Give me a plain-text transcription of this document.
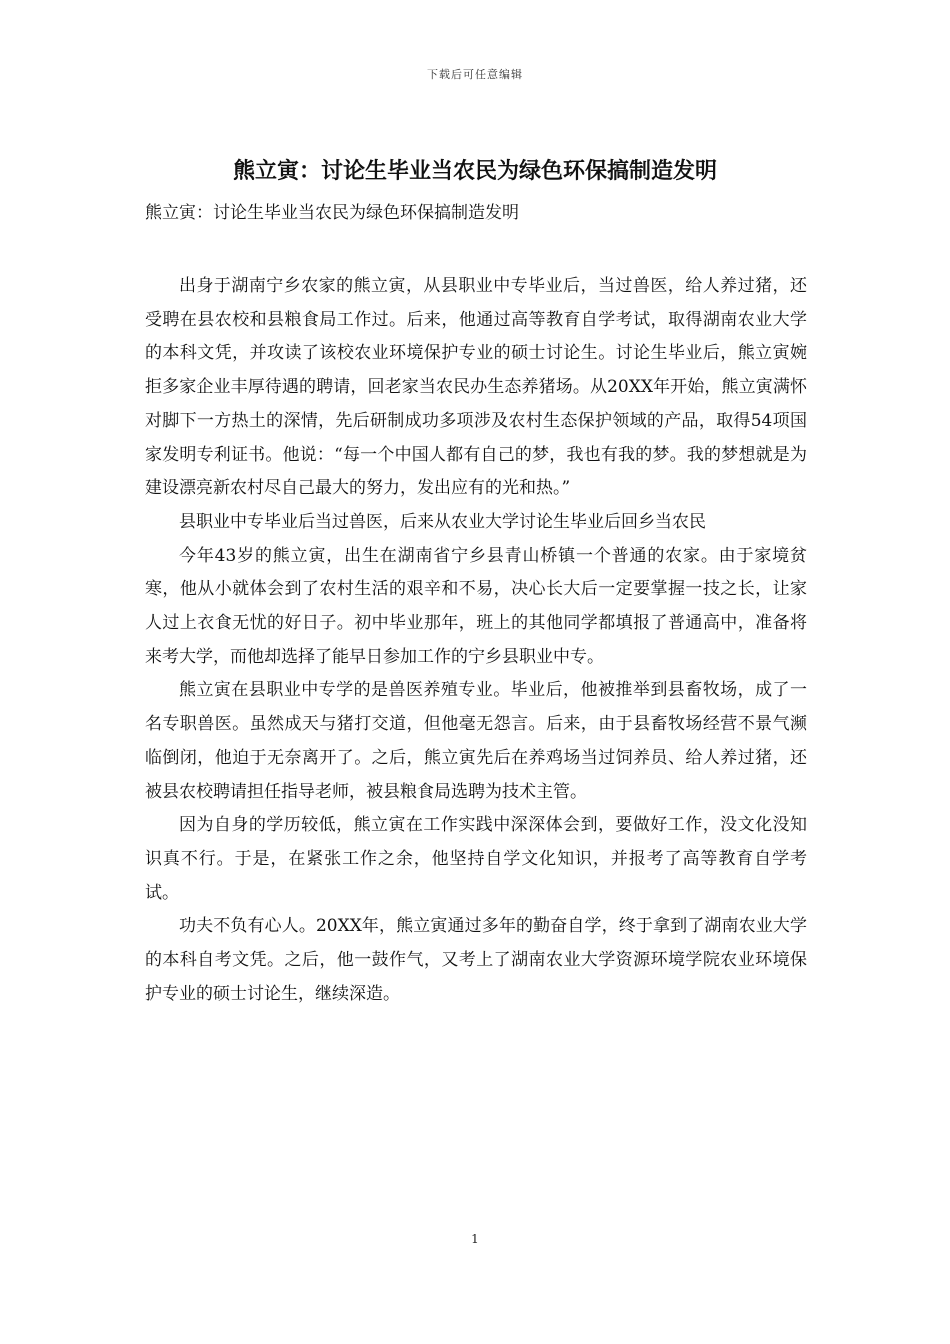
下载后可任意编辑
熊立寅：讨论生毕业当农民为绿色环保搞制造发明

熊立寅：讨论生毕业当农民为绿色环保搞制造发明

出身于湖南宁乡农家的熊立寅，从县职业中专毕业后，当过兽医，给人养过猪，还受聘在县农校和县粮食局工作过。后来，他通过高等教育自学考试，取得湖南农业大学的本科文凭，并攻读了该校农业环境保护专业的硕士讨论生。讨论生毕业后，熊立寅婉拒多家企业丰厚待遇的聘请，回老家当农民办生态养猪场。从20XX年开始，熊立寅满怀对脚下一方热土的深情，先后研制成功多项涉及农村生态保护领域的产品，取得54项国家发明专利证书。他说：“每一个中国人都有自己的梦，我也有我的梦。我的梦想就是为建设漂亮新农村尽自己最大的努力，发出应有的光和热。”

县职业中专毕业后当过兽医，后来从农业大学讨论生毕业后回乡当农民

今年43岁的熊立寅，出生在湖南省宁乡县青山桥镇一个普通的农家。由于家境贫寒，他从小就体会到了农村生活的艰辛和不易，决心长大后一定要掌握一技之长，让家人过上衣食无忧的好日子。初中毕业那年，班上的其他同学都填报了普通高中，准备将来考大学，而他却选择了能早日参加工作的宁乡县职业中专。

熊立寅在县职业中专学的是兽医养殖专业。毕业后，他被推举到县畜牧场，成了一名专职兽医。虽然成天与猪打交道，但他毫无怨言。后来，由于县畜牧场经营不景气濒临倒闭，他迫于无奈离开了。之后，熊立寅先后在养鸡场当过饲养员、给人养过猪，还被县农校聘请担任指导老师，被县粮食局选聘为技术主管。

因为自身的学历较低，熊立寅在工作实践中深深体会到，要做好工作，没文化没知识真不行。于是，在紧张工作之余，他坚持自学文化知识，并报考了高等教育自学考试。

功夫不负有心人。20XX年，熊立寅通过多年的勤奋自学，终于拿到了湖南农业大学的本科自考文凭。之后，他一鼓作气，又考上了湖南农业大学资源环境学院农业环境保护专业的硕士讨论生，继续深造。

1
